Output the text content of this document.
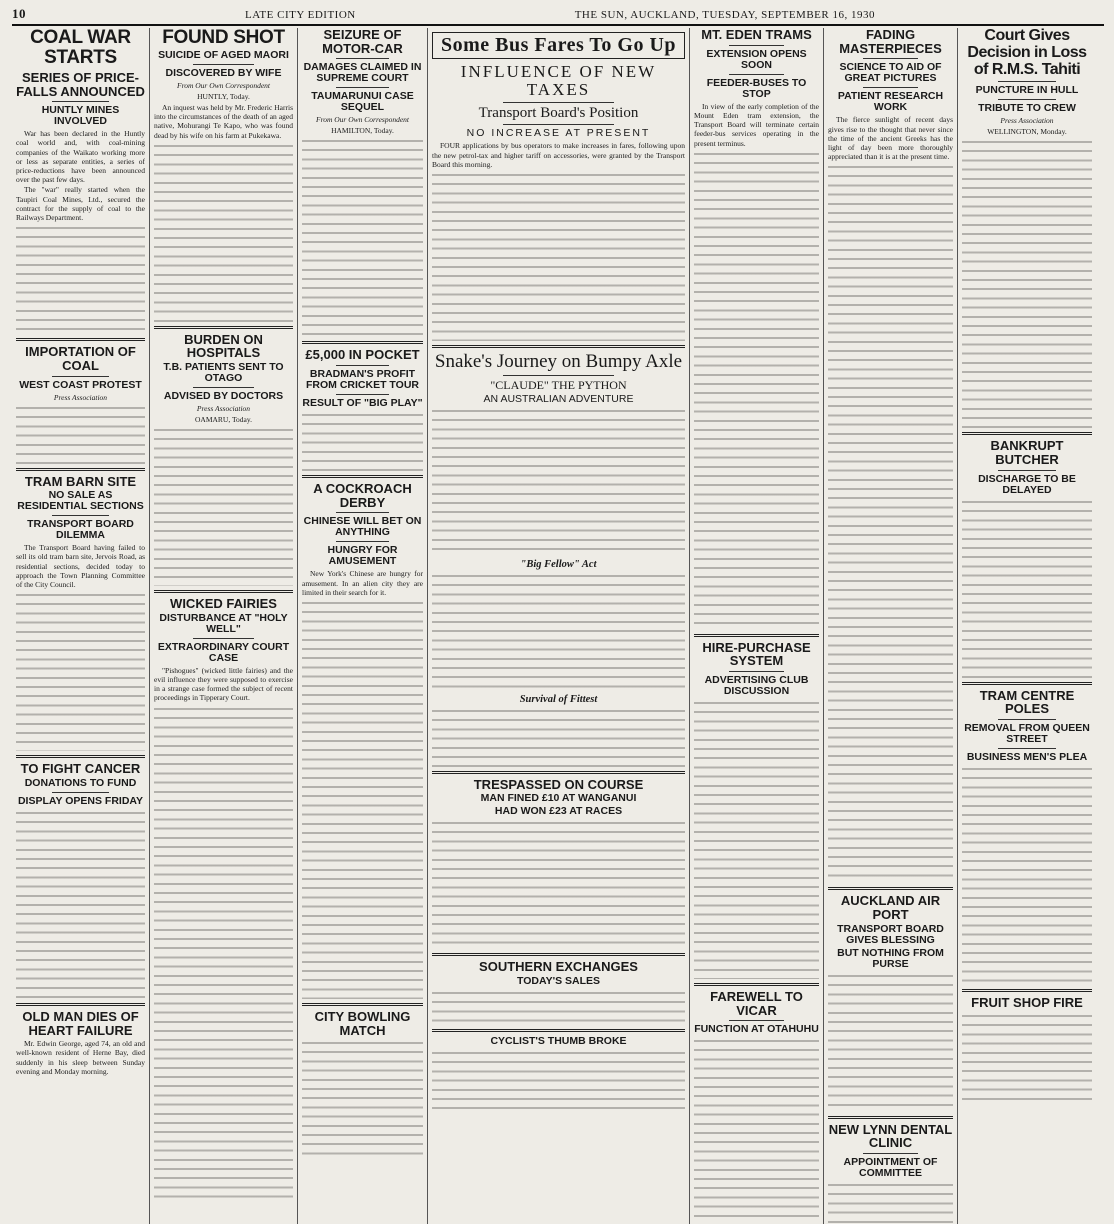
10	LATE CITY EDITION	THE SUN, AUCKLAND, TUESDAY, SEPTEMBER 16, 1930
COAL WAR STARTS
SERIES OF PRICE-FALLS ANNOUNCED
HUNTLY MINES INVOLVED

War has been declared in the Huntly coal world and, with coal-mining companies of the Waikato working more or less as separate entities, a series of price-reductions have been announced over the past few days.

The "war" really started when the Taupiri Coal Mines, Ltd., secured the contract for the supply of coal to the Railways Department.

IMPORTATION OF COAL
WEST COAST PROTEST
Press Association
TRAM BARN SITE
NO SALE AS RESIDENTIAL SECTIONS
TRANSPORT BOARD DILEMMA

The Transport Board having failed to sell its old tram barn site, Jervois Road, as residential sections, decided today to approach the Town Planning Committee of the City Council.

TO FIGHT CANCER
DONATIONS TO FUND
DISPLAY OPENS FRIDAY
OLD MAN DIES OF HEART FAILURE

Mr. Edwin George, aged 74, an old and well-known resident of Herne Bay, died suddenly in his sleep between Sunday evening and Monday morning.

FOUND SHOT
SUICIDE OF AGED MAORI
DISCOVERED BY WIFE
From Our Own Correspondent
HUNTLY, Today.

An inquest was held by Mr. Frederic Harris into the circumstances of the death of an aged native, Mohurangi Te Kapo, who was found dead by his wife on his farm at Pukekawa.

BURDEN ON HOSPITALS
T.B. PATIENTS SENT TO OTAGO
ADVISED BY DOCTORS
Press Association
OAMARU, Today.
WICKED FAIRIES
DISTURBANCE AT "HOLY WELL"
EXTRAORDINARY COURT CASE

"Pishogues" (wicked little fairies) and the evil influence they were supposed to exercise in a strange case formed the subject of recent proceedings in Tipperary Court.

SEIZURE OF MOTOR-CAR
DAMAGES CLAIMED IN SUPREME COURT
TAUMARUNUI CASE SEQUEL
From Our Own Correspondent
HAMILTON, Today.
£5,000 IN POCKET
BRADMAN'S PROFIT FROM CRICKET TOUR
RESULT OF "BIG PLAY"
A COCKROACH DERBY
CHINESE WILL BET ON ANYTHING
HUNGRY FOR AMUSEMENT

New York's Chinese are hungry for amusement. In an alien city they are limited in their search for it.

CITY BOWLING MATCH
Some Bus Fares To Go Up
INFLUENCE OF NEW TAXES
Transport Board's Position
NO INCREASE AT PRESENT

FOUR applications by bus operators to make increases in fares, following upon the new petrol-tax and higher tariff on accessories, were granted by the Transport Board this morning.

Snake's Journey on Bumpy Axle
"CLAUDE" THE PYTHON
AN AUSTRALIAN ADVENTURE
"Big Fellow" Act
Survival of Fittest
TRESPASSED ON COURSE
MAN FINED £10 AT WANGANUI
HAD WON £23 AT RACES
SOUTHERN EXCHANGES
TODAY'S SALES
CYCLIST'S THUMB BROKE
MT. EDEN TRAMS
EXTENSION OPENS SOON
FEEDER-BUSES TO STOP

In view of the early completion of the Mount Eden tram extension, the Transport Board will terminate certain feeder-bus services operating in the present terminus.

HIRE-PURCHASE SYSTEM
ADVERTISING CLUB DISCUSSION
FAREWELL TO VICAR
FUNCTION AT OTAHUHU
FADING MASTERPIECES
SCIENCE TO AID OF GREAT PICTURES
PATIENT RESEARCH WORK

The fierce sunlight of recent days gives rise to the thought that never since the time of the ancient Greeks has the light of day been more thoroughly appreciated than it is at the present time.

AUCKLAND AIR PORT
TRANSPORT BOARD GIVES BLESSING
BUT NOTHING FROM PURSE
NEW LYNN DENTAL CLINIC
APPOINTMENT OF COMMITTEE
Court Gives Decision in Loss of R.M.S. Tahiti
PUNCTURE IN HULL
TRIBUTE TO CREW
Press Association
WELLINGTON, Monday.
BANKRUPT BUTCHER
DISCHARGE TO BE DELAYED
TRAM CENTRE POLES
REMOVAL FROM QUEEN STREET
BUSINESS MEN'S PLEA
FRUIT SHOP FIRE
